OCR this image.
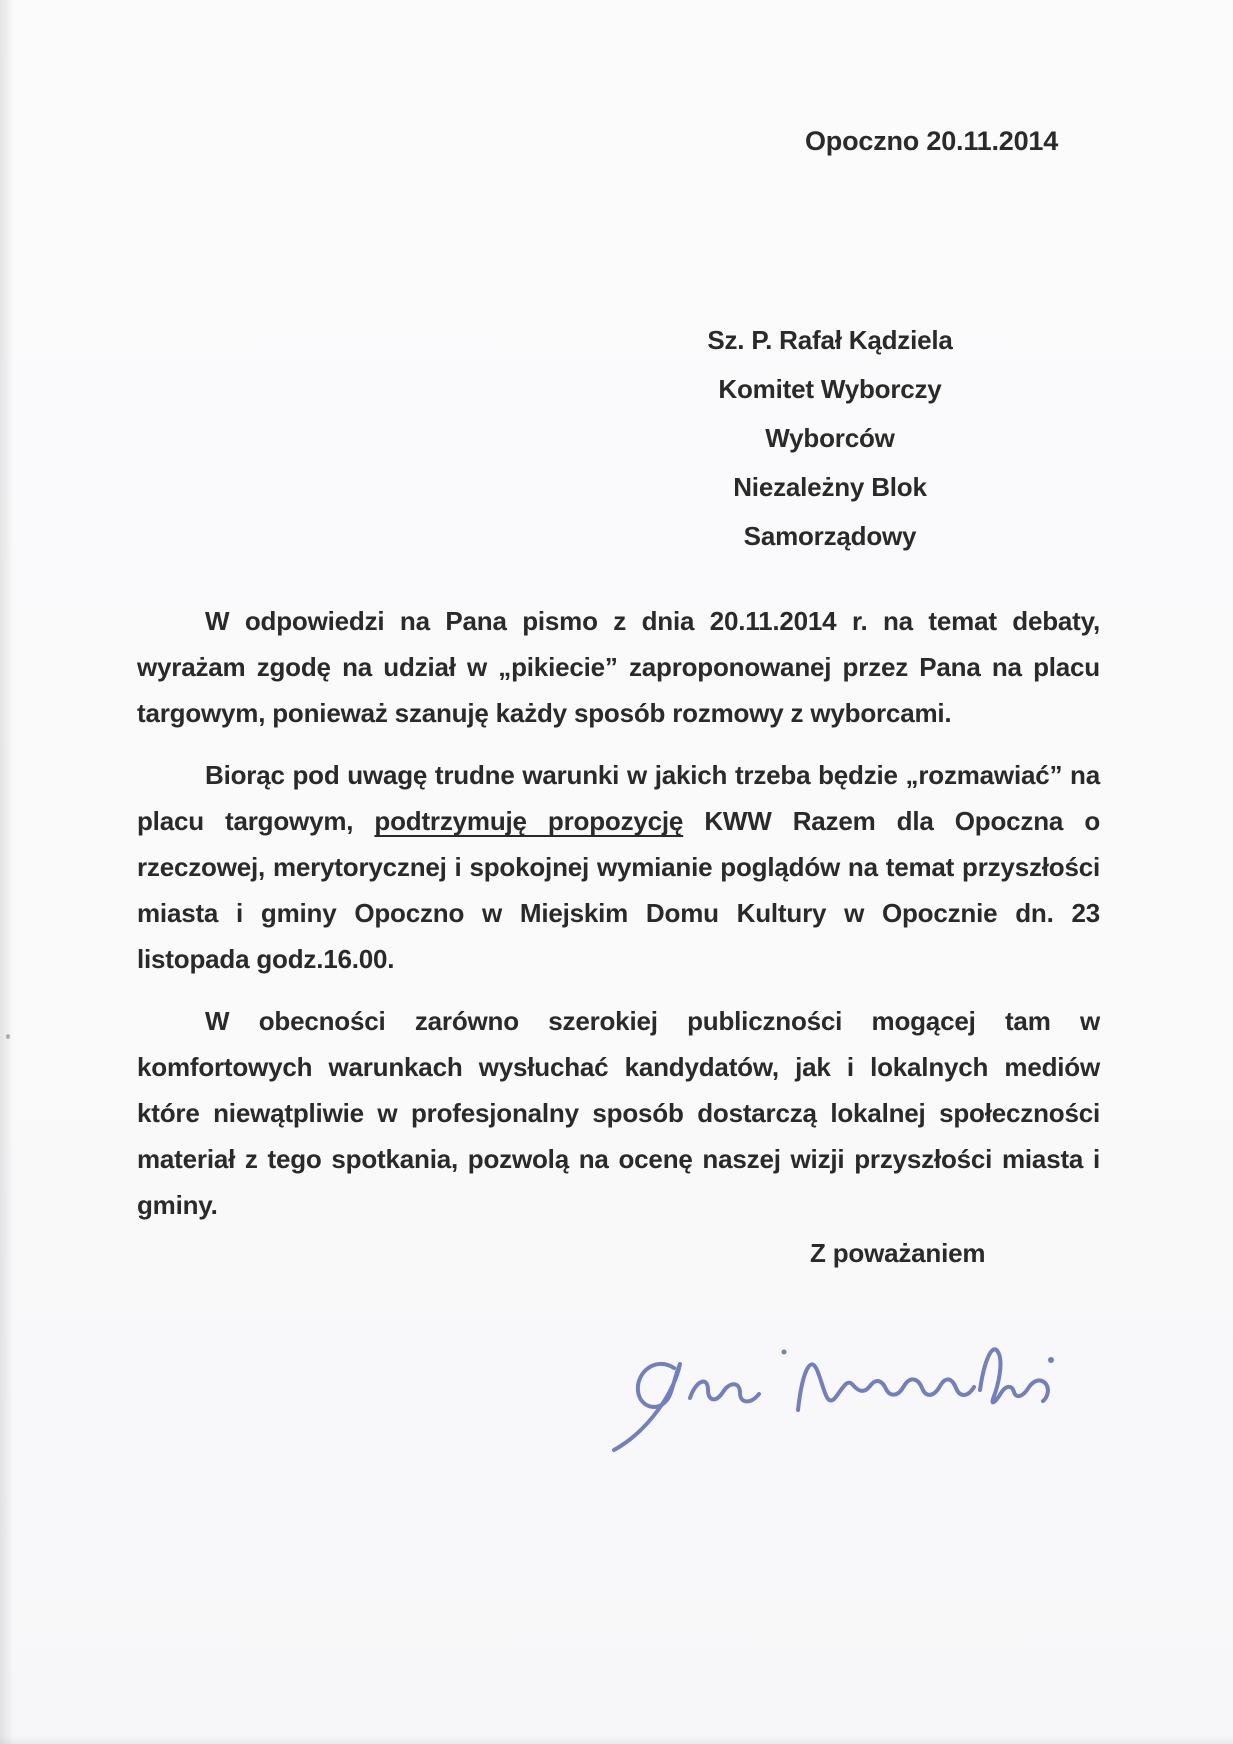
Opoczno 20.11.2014
Sz. P. Rafał Kądziela
Komitet Wyborczy Wyborców
Niezależny Blok Samorządowy

W odpowiedzi na Pana pismo z dnia 20.11.2014 r. na temat debaty, wyrażam zgodę na udział w „pikiecie” zaproponowanej przez Pana na placu targowym, ponieważ szanuję każdy sposób rozmowy z wyborcami.

Biorąc pod uwagę trudne warunki w jakich trzeba będzie „rozmawiać” na placu targowym, podtrzymuję propozycję KWW Razem dla Opoczna o rzeczowej, merytorycznej i spokojnej wymianie poglądów na temat przyszłości miasta i gminy Opoczno w Miejskim Domu Kultury w Opocznie dn. 23 listopada godz.16.00.

W obecności zarówno szerokiej publiczności mogącej tam w komfortowych warunkach wysłuchać kandydatów, jak i lokalnych mediów które niewątpliwie w profesjonalny sposób dostarczą lokalnej społeczności materiał z tego spotkania, pozwolą na ocenę naszej wizji przyszłości miasta i gminy.

Z poważaniem
